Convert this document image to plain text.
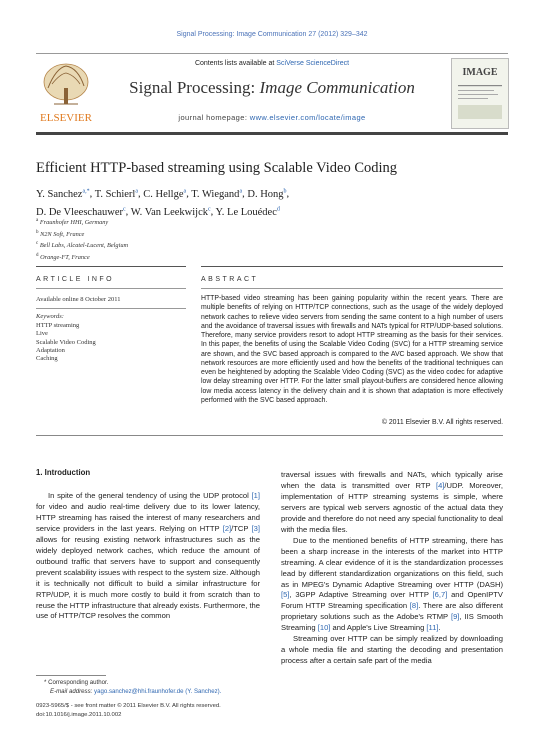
Signal Processing: Image Communication 27 (2012) 329–342
ELSEVIER
Contents lists available at SciVerse ScienceDirect
Signal Processing: Image Communication
journal homepage: www.elsevier.com/locate/image
IMAGE
Efficient HTTP-based streaming using Scalable Video Coding
Y. Sanchez$^{a,*}$, T. Schierl$^a$, C. Hellge$^a$, T. Wiegand$^a$, D. Hong$^b$,
D. De Vleeschauwer$^c$, W. Van Leekwijck$^c$, Y. Le Louédec$^d$
$^a$ Fraunhofer HHI, Germany
$^b$ N2N Soft, France
$^c$ Bell Labs, Alcatel-Lucent, Belgium
$^d$ Orange-FT, France
ARTICLE INFO	ABSTRACT
Available online 8 October 2011
Keywords:
HTTP streaming
Live
Scalable Video Coding
Adaptation
Caching
HTTP-based video streaming has been gaining popularity within the recent years. There are multiple benefits of relying on HTTP/TCP connections, such as the usage of the widely deployed network caches to relieve video servers from sending the same content to a high number of users and the avoidance of traversal issues with firewalls and NATs typical for RTP/UDP-based solutions. Therefore, many service providers resort to adopt HTTP streaming as the basis for their services. In this paper, the benefits of using the Scalable Video Coding (SVC) for a HTTP streaming service are shown, and the SVC based approach is compared to the AVC based approach. We show that network resources are more efficiently used and how the benefits of the traditional techniques can even be heightened by adopting the Scalable Video Coding (SVC) as the video codec for adaptive low delay streaming over HTTP. For the latter small playout-buffers are considered hence allowing low media access latency in the delivery chain and it is shown that adaptation is more effectively performed with the SVC based approach.
© 2011 Elsevier B.V. All rights reserved.
1. Introduction

In spite of the general tendency of using the UDP protocol [1] for video and audio real-time delivery due to its lower latency, HTTP streaming has raised the interest of many researchers and service providers in the last years. Relying on HTTP [2]/TCP [3] allows for reusing existing network infrastructures such as the widely deployed network caches, which reduce the amount of outbound traffic that servers have to support and consequently prevent scalability issues with respect to the system size. Although it is technically not difficult to build a similar infrastructure for RTP/UDP, it is much more costly to build it from scratch than to reuse the HTTP infrastructure that already exists. Furthermore, the use of HTTP/TCP resolves the common

traversal issues with firewalls and NATs, which typically arise when the data is transmitted over RTP [4]/UDP. Moreover, implementation of HTTP streaming systems is simple, where servers are typical web servers agnostic of the actual data they provide and therefore do not need any special functionality to deal with the media files.

Due to the mentioned benefits of HTTP streaming, there has been a sharp increase in the interests of the market into HTTP streaming. A clear evidence of it is the standardization processes lead by different standardization organizations on this field, such as in MPEG's Dynamic Adaptive Streaming over HTTP (DASH) [5], 3GPP Adaptive Streaming over HTTP [6,7] and OpenIPTV Forum HTTP Streaming specification [8]. There are also different proprietary solutions such as the Adobe's RTMP [9], IIS Smooth Streaming [10] and Apple's Live Streaming [11].

Streaming over HTTP can be simply realized by downloading a whole media file and starting the decoding and presentation process after a certain safe part of the media

* Corresponding author.
E-mail address: yago.sanchez@hhi.fraunhofer.de (Y. Sanchez).
0923-5965/$ - see front matter © 2011 Elsevier B.V. All rights reserved.
doi:10.1016/j.image.2011.10.002
